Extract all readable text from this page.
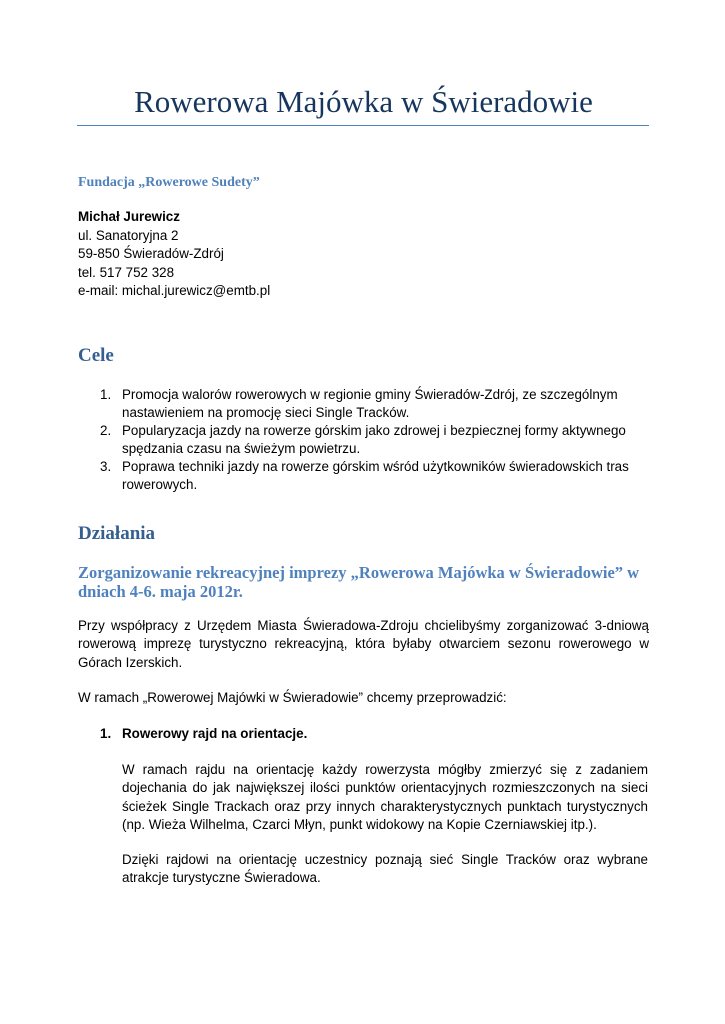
Rowerowa Majówka w Świeradowie

Fundacja „Rowerowe Sudety”

Michał Jurewicz
ul. Sanatoryjna 2
59-850 Świeradów-Zdrój
tel. 517 752 328
e-mail: michal.jurewicz@emtb.pl
Cele
1. Promocja walorów rowerowych w regionie gminy Świeradów-Zdrój, ze szczególnym nastawieniem na promocję sieci Single Tracków.
2. Popularyzacja jazdy na rowerze górskim jako zdrowej i bezpiecznej formy aktywnego spędzania czasu na świeżym powietrzu.
3. Poprawa techniki jazdy na rowerze górskim wśród użytkowników świeradowskich tras rowerowych.
Działania
Zorganizowanie rekreacyjnej imprezy „Rowerowa Majówka w Świeradowie” w dniach 4-6. maja 2012r.

Przy współpracy z Urzędem Miasta Świeradowa-Zdroju chcielibyśmy zorganizować 3-dniową rowerową imprezę turystyczno rekreacyjną, która byłaby otwarciem sezonu rowerowego w Górach Izerskich.

W ramach „Rowerowej Majówki w Świeradowie” chcemy przeprowadzić:

1. Rowerowy rajd na orientacje.

W ramach rajdu na orientację każdy rowerzysta mógłby zmierzyć się z zadaniem dojechania do jak największej ilości punktów orientacyjnych rozmieszczonych na sieci ścieżek Single Trackach oraz przy innych charakterystycznych punktach turystycznych (np. Wieża Wilhelma, Czarci Młyn, punkt widokowy na Kopie Czerniawskiej itp.).

Dzięki rajdowi na orientację uczestnicy poznają sieć Single Tracków oraz wybrane atrakcje turystyczne Świeradowa.
